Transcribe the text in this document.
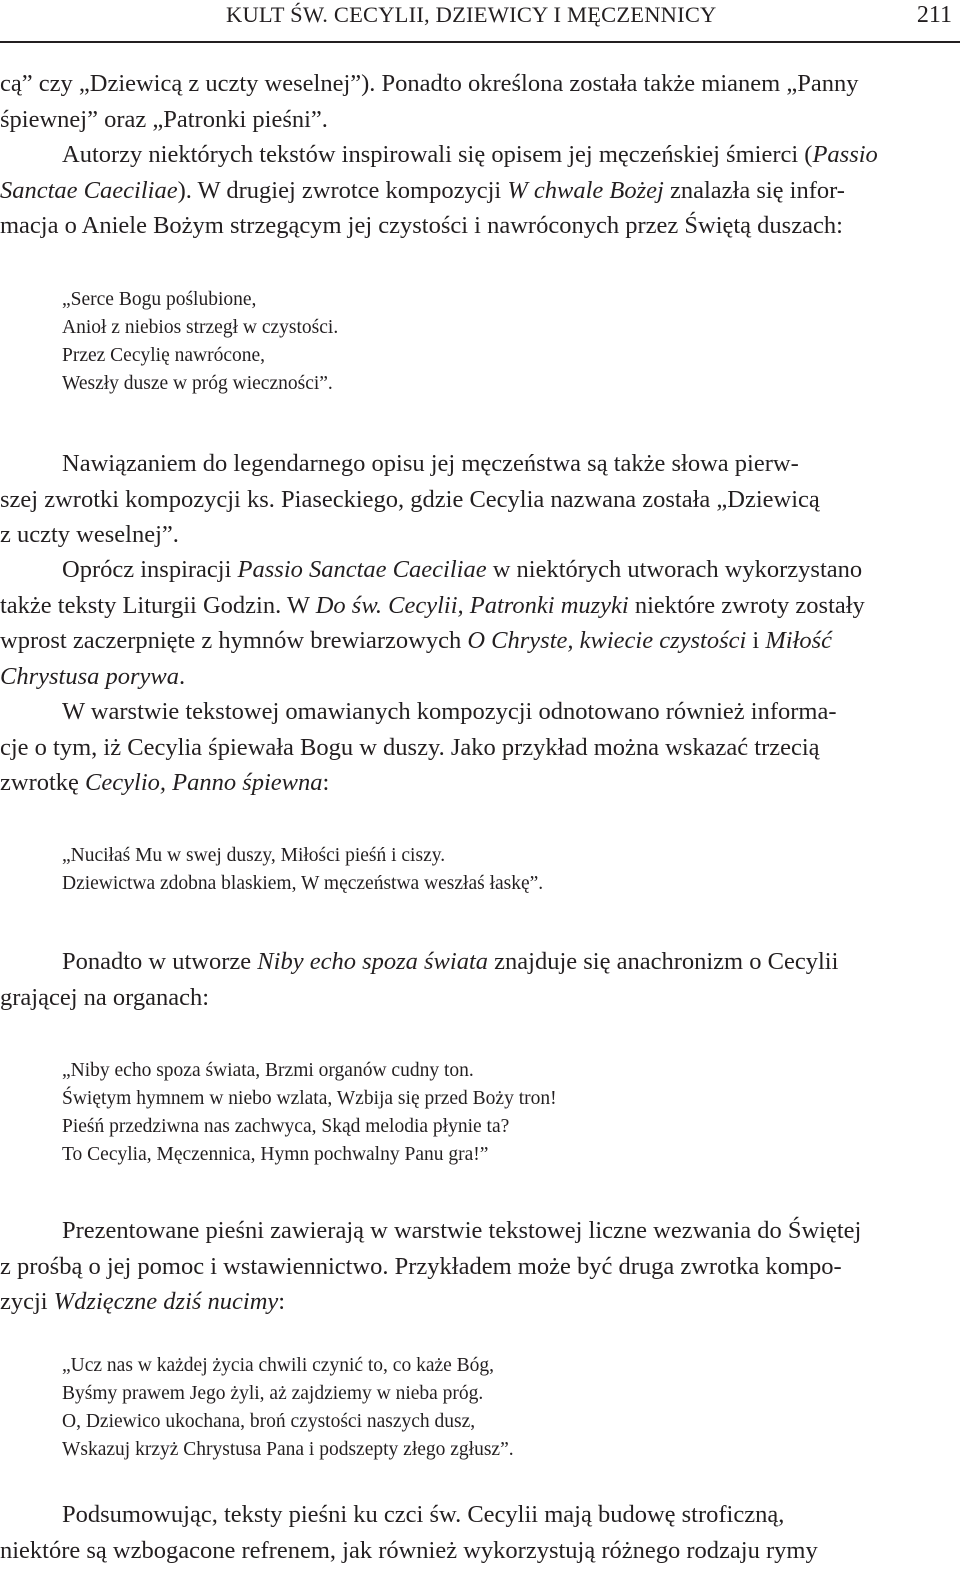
KULT ŚW. CECYLII, DZIEWICY I MĘCZENNICY	211
cą” czy „Dziewicą z uczty weselnej”). Ponadto określona została także mianem „Panny
śpiewnej” oraz „Patronki pieśni”.
Autorzy niektórych tekstów inspirowali się opisem jej męczeńskiej śmierci (Passio
Sanctae Caeciliae). W drugiej zwrotce kompozycji W chwale Bożej znalazła się infor-
macja o Aniele Bożym strzegącym jej czystości i nawróconych przez Świętą duszach:
„Serce Bogu poślubione,
Anioł z niebios strzegł w czystości.
Przez Cecylię nawrócone,
Weszły dusze w próg wieczności”.
Nawiązaniem do legendarnego opisu jej męczeństwa są także słowa pierw-
szej zwrotki kompozycji ks. Piaseckiego, gdzie Cecylia nazwana została „Dziewicą
z uczty weselnej”.
Oprócz inspiracji Passio Sanctae Caeciliae w niektórych utworach wykorzystano
także teksty Liturgii Godzin. W Do św. Cecylii, Patronki muzyki niektóre zwroty zostały
wprost zaczerpnięte z hymnów brewiarzowych O Chryste, kwiecie czystości i Miłość
Chrystusa porywa.
W warstwie tekstowej omawianych kompozycji odnotowano również informa-
cje o tym, iż Cecylia śpiewała Bogu w duszy. Jako przykład można wskazać trzecią
zwrotkę Cecylio, Panno śpiewna:
„Nuciłaś Mu w swej duszy, Miłości pieśń i ciszy.
Dziewictwa zdobna blaskiem, W męczeństwa weszłaś łaskę”.
Ponadto w utworze Niby echo spoza świata znajduje się anachronizm o Cecylii
grającej na organach:
„Niby echo spoza świata, Brzmi organów cudny ton.
Świętym hymnem w niebo wzlata, Wzbija się przed Boży tron!
Pieśń przedziwna nas zachwyca, Skąd melodia płynie ta?
To Cecylia, Męczennica, Hymn pochwalny Panu gra!”
Prezentowane pieśni zawierają w warstwie tekstowej liczne wezwania do Świętej
z prośbą o jej pomoc i wstawiennictwo. Przykładem może być druga zwrotka kompo-
zycji Wdzięczne dziś nucimy:
„Ucz nas w każdej życia chwili czynić to, co każe Bóg,
Byśmy prawem Jego żyli, aż zajdziemy w nieba próg.
O, Dziewico ukochana, broń czystości naszych dusz,
Wskazuj krzyż Chrystusa Pana i podszepty złego zgłusz”.
Podsumowując, teksty pieśni ku czci św. Cecylii mają budowę stroficzną,
niektóre są wzbogacone refrenem, jak również wykorzystują różnego rodzaju rymy
